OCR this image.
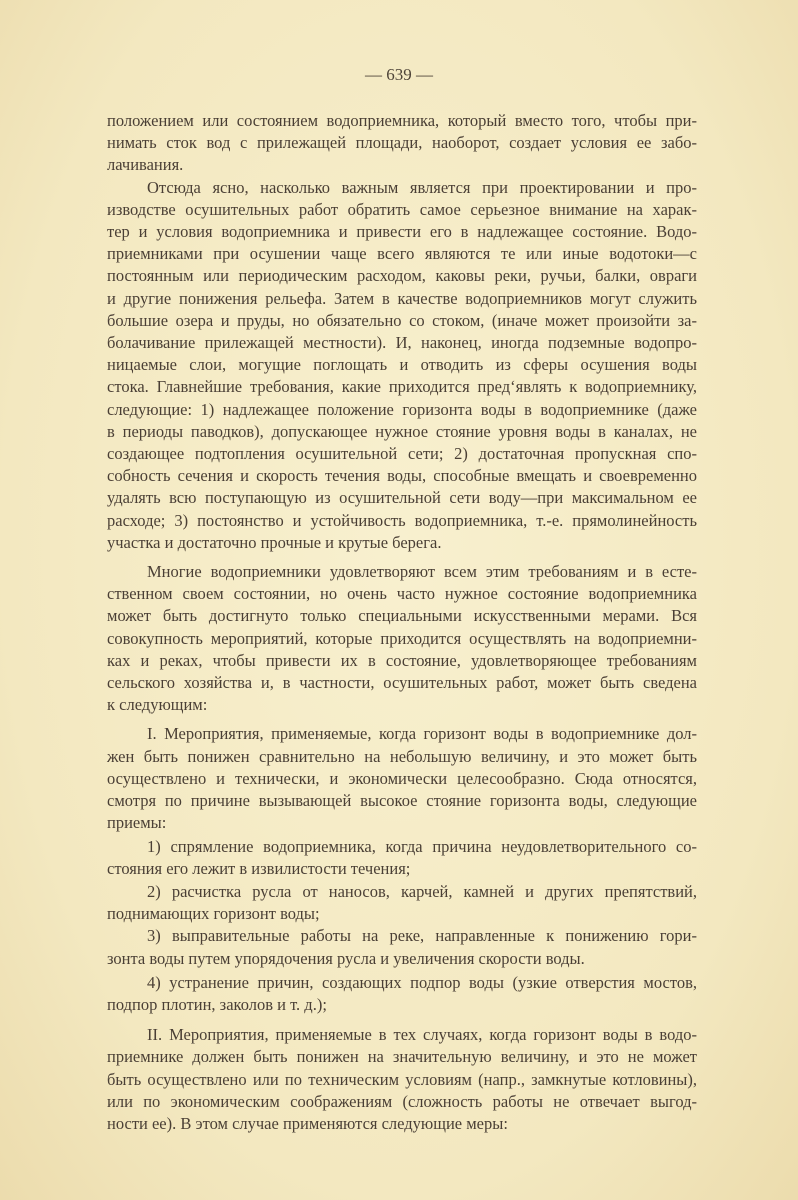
— 639 —
положением или состоянием водоприемника, который вместо того, чтобы при-
нимать сток вод с прилежащей площади, наоборот, создает условия ее забо-
лачивания.
Отсюда ясно, насколько важным является при проектировании и про-
изводстве осушительных работ обратить самое серьезное внимание на харак-
тер и условия водоприемника и привести его в надлежащее состояние. Водо-
приемниками при осушении чаще всего являются те или иные водотоки—с
постоянным или периодическим расходом, каковы реки, ручьи, балки, овраги
и другие понижения рельефа. Затем в качестве водоприемников могут служить
большие озера и пруды, но обязательно со стоком, (иначе может произойти за-
болачивание прилежащей местности). И, наконец, иногда подземные водопро-
ницаемые слои, могущие поглощать и отводить из сферы осушения воды
стока. Главнейшие требования, какие приходится пред‘являть к водоприемнику,
следующие: 1) надлежащее положение горизонта воды в водоприемнике (даже
в периоды паводков), допускающее нужное стояние уровня воды в каналах, не
создающее подтопления осушительной сети; 2) достаточная пропускная спо-
собность сечения и скорость течения воды, способные вмещать и своевременно
удалять всю поступающую из осушительной сети воду—при максимальном ее
расходе; 3) постоянство и устойчивость водоприемника, т.-е. прямолинейность
участка и достаточно прочные и крутые берега.
Многие водоприемники удовлетворяют всем этим требованиям и в есте-
ственном своем состоянии, но очень часто нужное состояние водоприемника
может быть достигнуто только специальными искусственными мерами. Вся
совокупность мероприятий, которые приходится осуществлять на водоприемни-
ках и реках, чтобы привести их в состояние, удовлетворяющее требованиям
сельского хозяйства и, в частности, осушительных работ, может быть сведена
к следующим:
I. Мероприятия, применяемые, когда горизонт воды в водоприемнике дол-
жен быть понижен сравнительно на небольшую величину, и это может быть
осуществлено и технически, и экономически целесообразно. Сюда относятся,
смотря по причине вызывающей высокое стояние горизонта воды, следующие
приемы:
1) спрямление водоприемника, когда причина неудовлетворительного со-
стояния его лежит в извилистости течения;
2) расчистка русла от наносов, карчей, камней и других препятствий,
поднимающих горизонт воды;
3) выправительные работы на реке, направленные к понижению гори-
зонта воды путем упорядочения русла и увеличения скорости воды.
4) устранение причин, создающих подпор воды (узкие отверстия мостов,
подпор плотин, заколов и т. д.);
II. Мероприятия, применяемые в тех случаях, когда горизонт воды в водо-
приемнике должен быть понижен на значительную величину, и это не может
быть осуществлено или по техническим условиям (напр., замкнутые котловины),
или по экономическим соображениям (сложность работы не отвечает выгод-
ности ее). В этом случае применяются следующие меры:
